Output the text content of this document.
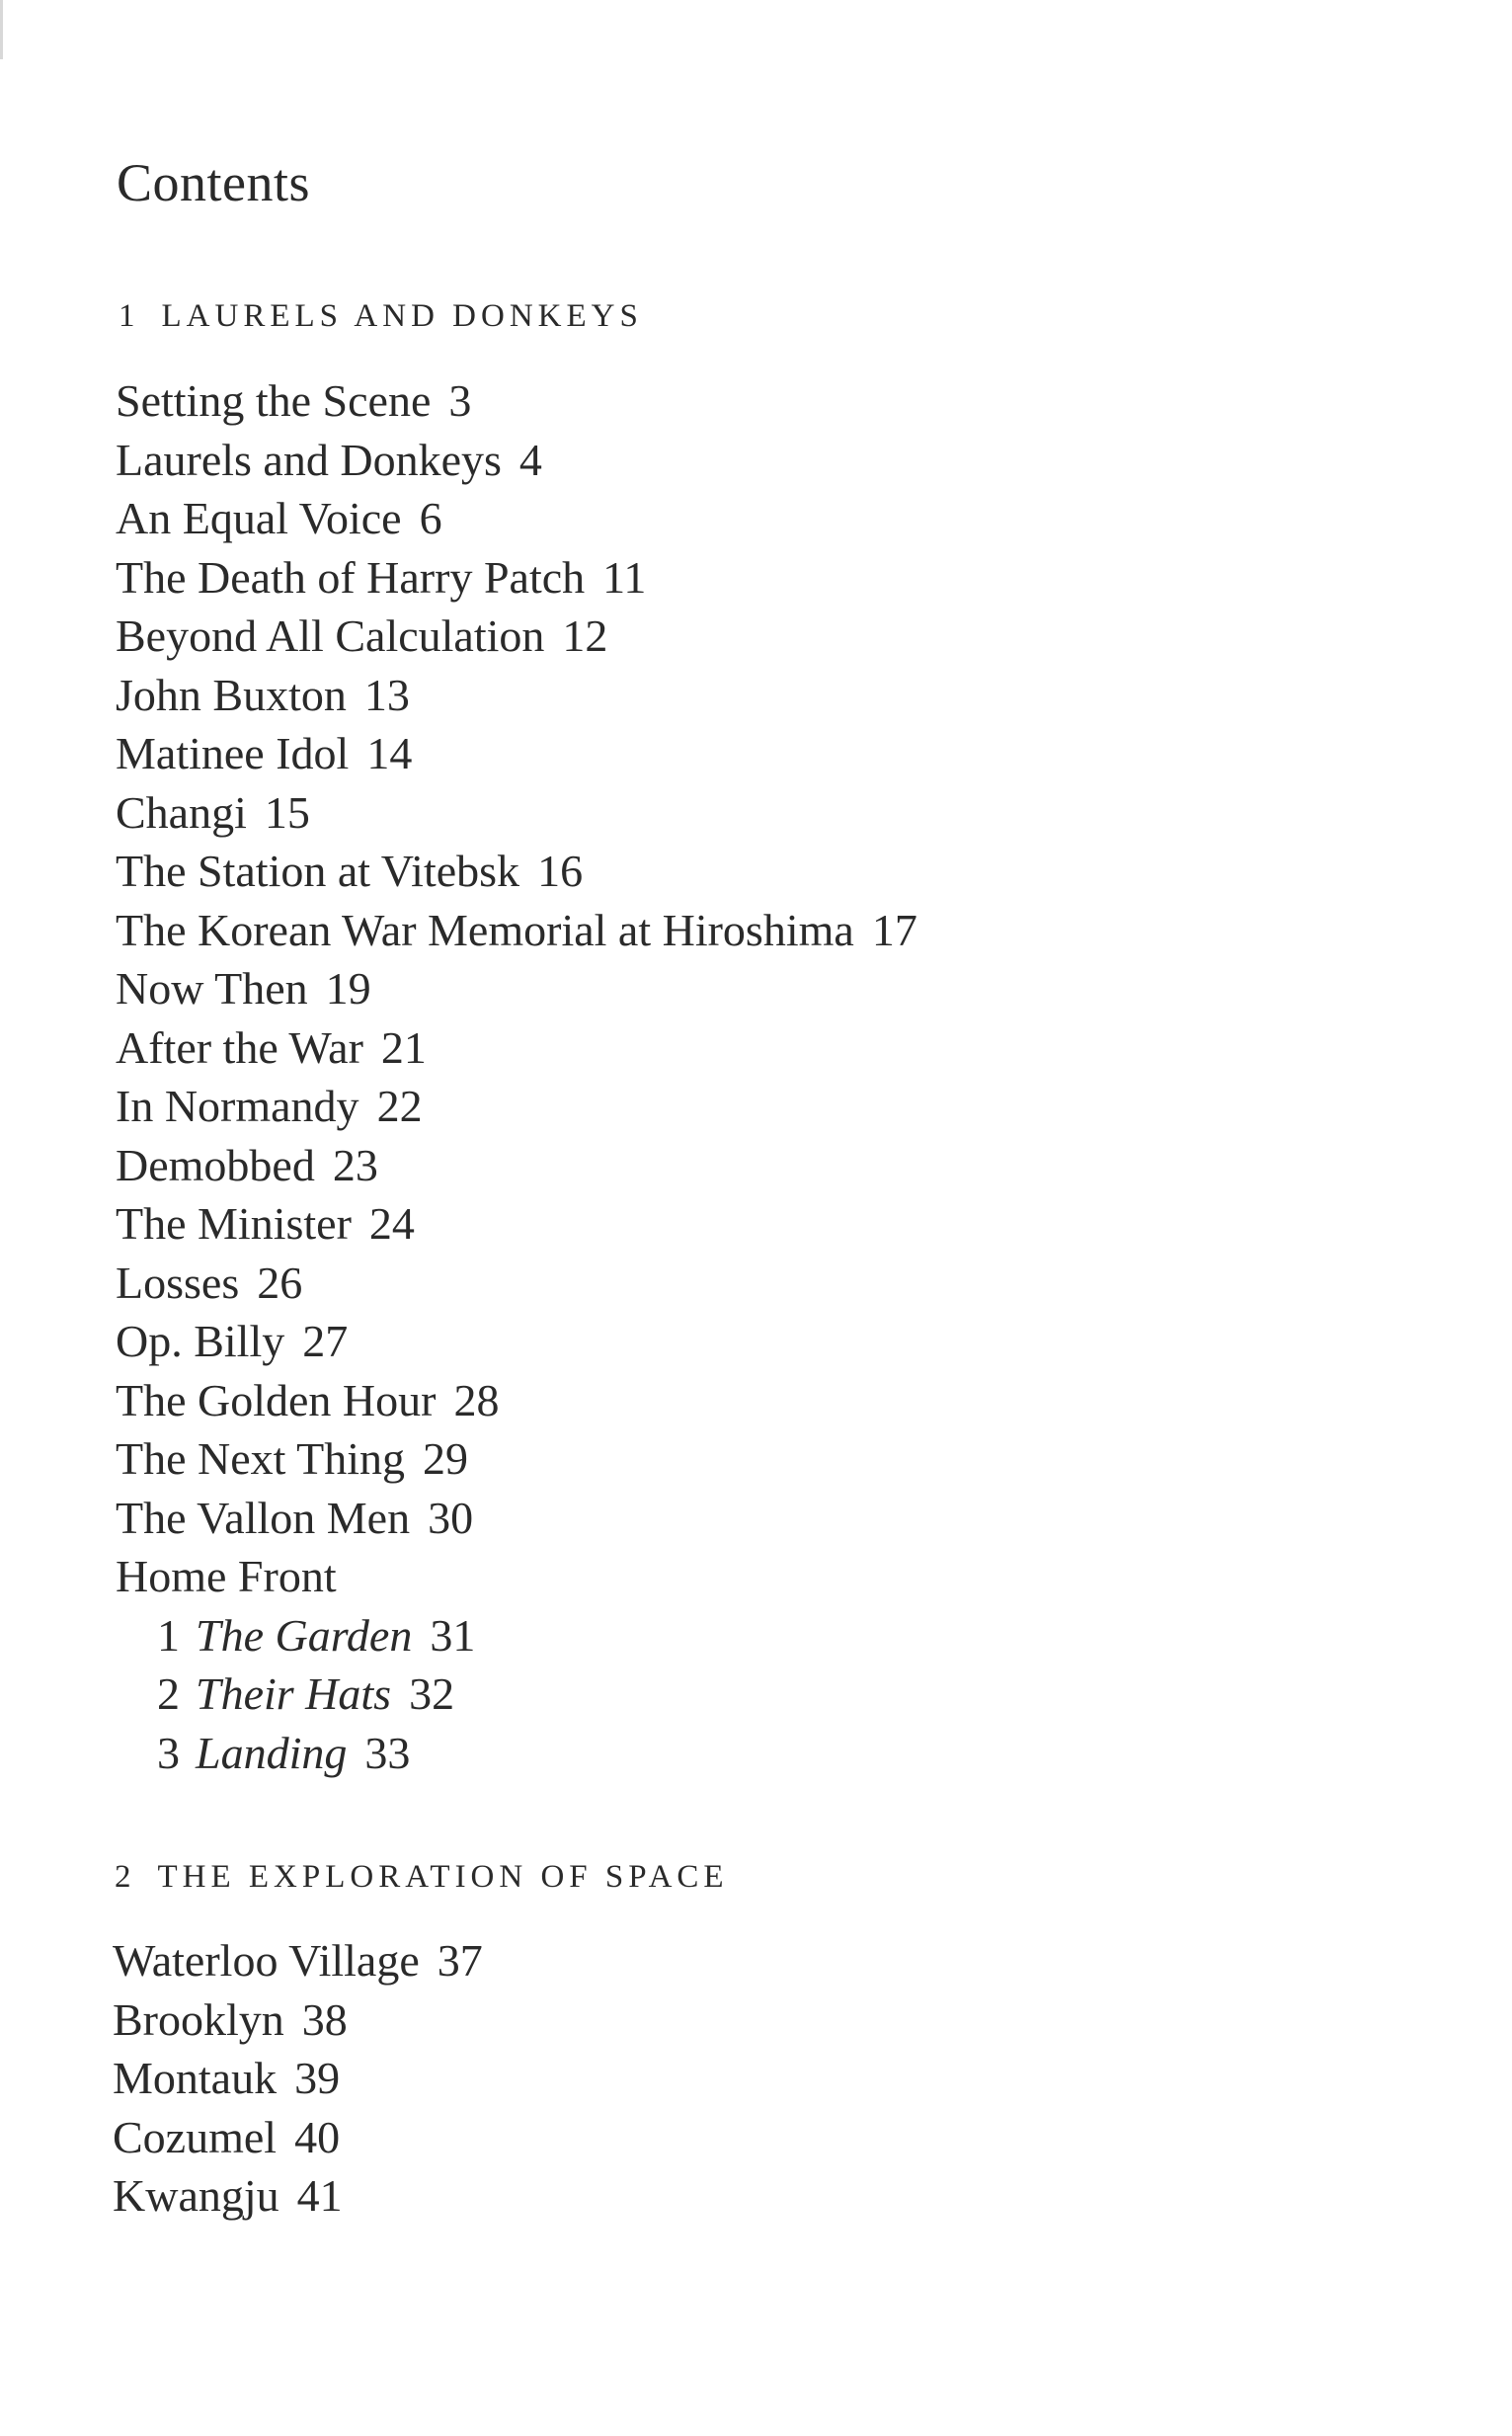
Contents
1 LAURELS AND DONKEYS
Setting the Scene 3
Laurels and Donkeys 4
An Equal Voice 6
The Death of Harry Patch 11
Beyond All Calculation 12
John Buxton 13
Matinee Idol 14
Changi 15
The Station at Vitebsk 16
The Korean War Memorial at Hiroshima 17
Now Then 19
After the War 21
In Normandy 22
Demobbed 23
The Minister 24
Losses 26
Op. Billy 27
The Golden Hour 28
The Next Thing 29
The Vallon Men 30
Home Front
1 The Garden 31
2 Their Hats 32
3 Landing 33
2 THE EXPLORATION OF SPACE
Waterloo Village 37
Brooklyn 38
Montauk 39
Cozumel 40
Kwangju 41
